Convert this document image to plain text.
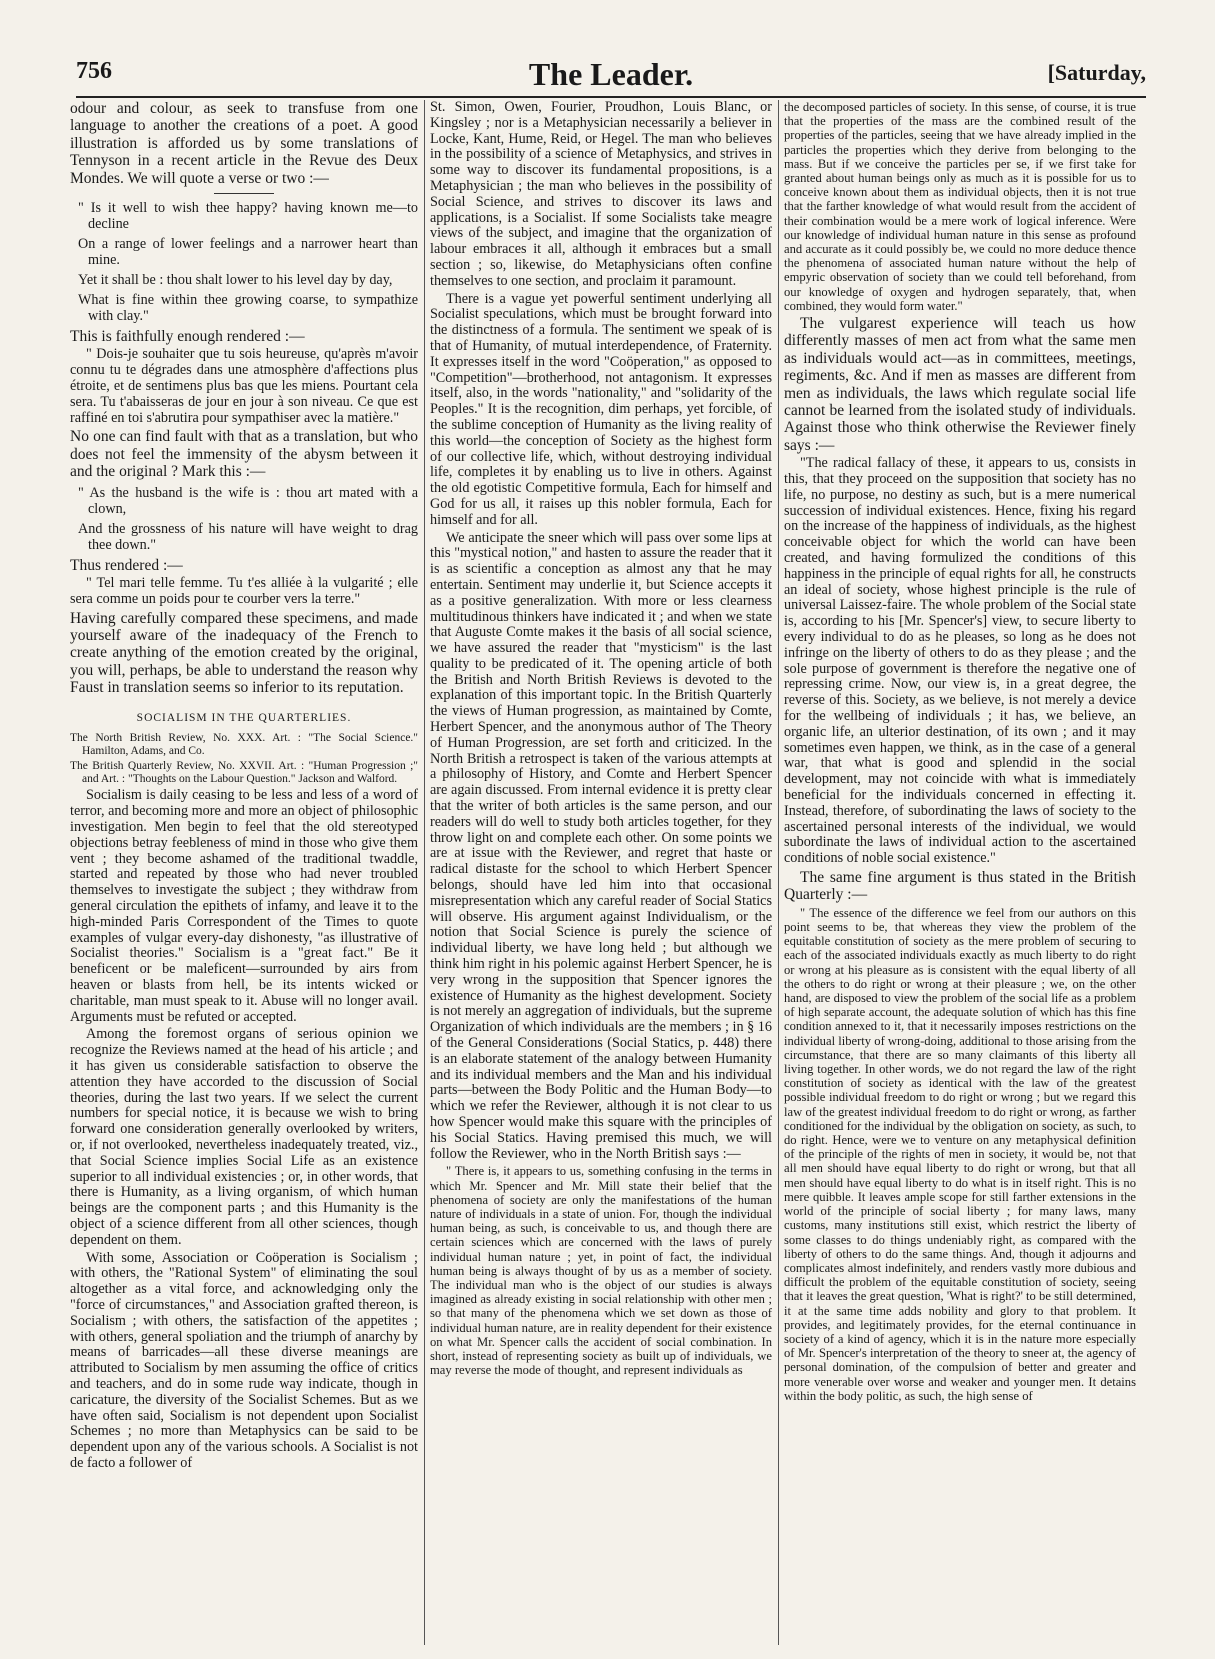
756	The Leader.	[Saturday,

odour and colour, as seek to transfuse from one language to another the creations of a poet. A good illustration is afforded us by some translations of Tennyson in a recent article in the Revue des Deux Mondes. We will quote a verse or two :—

" Is it well to wish thee happy? having known me—to decline

On a range of lower feelings and a narrower heart than mine.

Yet it shall be : thou shalt lower to his level day by day,

What is fine within thee growing coarse, to sympathize with clay."

This is faithfully enough rendered :—

" Dois-je souhaiter que tu sois heureuse, qu'après m'avoir connu tu te dégrades dans une atmosphère d'affections plus étroite, et de sentimens plus bas que les miens. Pourtant cela sera. Tu t'abaisseras de jour en jour à son niveau. Ce que est raffiné en toi s'abrutira pour sympathiser avec la matière."

No one can find fault with that as a translation, but who does not feel the immensity of the abysm between it and the original ? Mark this :—

" As the husband is the wife is : thou art mated with a clown,

And the grossness of his nature will have weight to drag thee down."

Thus rendered :—

" Tel mari telle femme. Tu t'es alliée à la vulgarité ; elle sera comme un poids pour te courber vers la terre."

Having carefully compared these specimens, and made yourself aware of the inadequacy of the French to create anything of the emotion created by the original, you will, perhaps, be able to understand the reason why Faust in translation seems so inferior to its reputation.

SOCIALISM IN THE QUARTERLIES.

The North British Review, No. XXX. Art. : "The Social Science." Hamilton, Adams, and Co.

The British Quarterly Review, No. XXVII. Art. : "Human Progression ;" and Art. : "Thoughts on the Labour Question." Jackson and Walford.

Socialism is daily ceasing to be less and less of a word of terror, and becoming more and more an object of philosophic investigation. Men begin to feel that the old stereotyped objections betray feebleness of mind in those who give them vent ; they become ashamed of the traditional twaddle, started and repeated by those who had never troubled themselves to investigate the subject ; they withdraw from general circulation the epithets of infamy, and leave it to the high-minded Paris Correspondent of the Times to quote examples of vulgar every-day dishonesty, "as illustrative of Socialist theories." Socialism is a "great fact." Be it beneficent or be maleficent—surrounded by airs from heaven or blasts from hell, be its intents wicked or charitable, man must speak to it. Abuse will no longer avail. Arguments must be refuted or accepted.

Among the foremost organs of serious opinion we recognize the Reviews named at the head of his article ; and it has given us considerable satisfaction to observe the attention they have accorded to the discussion of Social theories, during the last two years. If we select the current numbers for special notice, it is because we wish to bring forward one consideration generally overlooked by writers, or, if not overlooked, nevertheless inadequately treated, viz., that Social Science implies Social Life as an existence superior to all individual existencies ; or, in other words, that there is Humanity, as a living organism, of which human beings are the component parts ; and this Humanity is the object of a science different from all other sciences, though dependent on them.

With some, Association or Coöperation is Socialism ; with others, the "Rational System" of eliminating the soul altogether as a vital force, and acknowledging only the "force of circumstances," and Association grafted thereon, is Socialism ; with others, the satisfaction of the appetites ; with others, general spoliation and the triumph of anarchy by means of barricades—all these diverse meanings are attributed to Socialism by men assuming the office of critics and teachers, and do in some rude way indicate, though in caricature, the diversity of the Socialist Schemes. But as we have often said, Socialism is not dependent upon Socialist Schemes ; no more than Metaphysics can be said to be dependent upon any of the various schools. A Socialist is not de facto a follower of

St. Simon, Owen, Fourier, Proudhon, Louis Blanc, or Kingsley ; nor is a Metaphysician necessarily a believer in Locke, Kant, Hume, Reid, or Hegel. The man who believes in the possibility of a science of Metaphysics, and strives in some way to discover its fundamental propositions, is a Metaphysician ; the man who believes in the possibility of Social Science, and strives to discover its laws and applications, is a Socialist. If some Socialists take meagre views of the subject, and imagine that the organization of labour embraces it all, although it embraces but a small section ; so, likewise, do Metaphysicians often confine themselves to one section, and proclaim it paramount.

There is a vague yet powerful sentiment underlying all Socialist speculations, which must be brought forward into the distinctness of a formula. The sentiment we speak of is that of Humanity, of mutual interdependence, of Fraternity. It expresses itself in the word "Coöperation," as opposed to "Competition"—brotherhood, not antagonism. It expresses itself, also, in the words "nationality," and "solidarity of the Peoples." It is the recognition, dim perhaps, yet forcible, of the sublime conception of Humanity as the living reality of this world—the conception of Society as the highest form of our collective life, which, without destroying individual life, completes it by enabling us to live in others. Against the old egotistic Competitive formula, Each for himself and God for us all, it raises up this nobler formula, Each for himself and for all.

We anticipate the sneer which will pass over some lips at this "mystical notion," and hasten to assure the reader that it is as scientific a conception as almost any that he may entertain. Sentiment may underlie it, but Science accepts it as a positive generalization. With more or less clearness multitudinous thinkers have indicated it ; and when we state that Auguste Comte makes it the basis of all social science, we have assured the reader that "mysticism" is the last quality to be predicated of it. The opening article of both the British and North British Reviews is devoted to the explanation of this important topic. In the British Quarterly the views of Human progression, as maintained by Comte, Herbert Spencer, and the anonymous author of The Theory of Human Progression, are set forth and criticized. In the North British a retrospect is taken of the various attempts at a philosophy of History, and Comte and Herbert Spencer are again discussed. From internal evidence it is pretty clear that the writer of both articles is the same person, and our readers will do well to study both articles together, for they throw light on and complete each other. On some points we are at issue with the Reviewer, and regret that haste or radical distaste for the school to which Herbert Spencer belongs, should have led him into that occasional misrepresentation which any careful reader of Social Statics will observe. His argument against Individualism, or the notion that Social Science is purely the science of individual liberty, we have long held ; but although we think him right in his polemic against Herbert Spencer, he is very wrong in the supposition that Spencer ignores the existence of Humanity as the highest development. Society is not merely an aggregation of individuals, but the supreme Organization of which individuals are the members ; in § 16 of the General Considerations (Social Statics, p. 448) there is an elaborate statement of the analogy between Humanity and its individual members and the Man and his individual parts—between the Body Politic and the Human Body—to which we refer the Reviewer, although it is not clear to us how Spencer would make this square with the principles of his Social Statics. Having premised this much, we will follow the Reviewer, who in the North British says :—

" There is, it appears to us, something confusing in the terms in which Mr. Spencer and Mr. Mill state their belief that the phenomena of society are only the manifestations of the human nature of individuals in a state of union. For, though the individual human being, as such, is conceivable to us, and though there are certain sciences which are concerned with the laws of purely individual human nature ; yet, in point of fact, the individual human being is always thought of by us as a member of society. The individual man who is the object of our studies is always imagined as already existing in social relationship with other men ; so that many of the phenomena which we set down as those of individual human nature, are in reality dependent for their existence on what Mr. Spencer calls the accident of social combination. In short, instead of representing society as built up of individuals, we may reverse the mode of thought, and represent individuals as

the decomposed particles of society. In this sense, of course, it is true that the properties of the mass are the combined result of the properties of the particles, seeing that we have already implied in the particles the properties which they derive from belonging to the mass. But if we conceive the particles per se, if we first take for granted about human beings only as much as it is possible for us to conceive known about them as individual objects, then it is not true that the farther knowledge of what would result from the accident of their combination would be a mere work of logical inference. Were our knowledge of individual human nature in this sense as profound and accurate as it could possibly be, we could no more deduce thence the phenomena of associated human nature without the help of empyric observation of society than we could tell beforehand, from our knowledge of oxygen and hydrogen separately, that, when combined, they would form water."

The vulgarest experience will teach us how differently masses of men act from what the same men as individuals would act—as in committees, meetings, regiments, &c. And if men as masses are different from men as individuals, the laws which regulate social life cannot be learned from the isolated study of individuals. Against those who think otherwise the Reviewer finely says :—

"The radical fallacy of these, it appears to us, consists in this, that they proceed on the supposition that society has no life, no purpose, no destiny as such, but is a mere numerical succession of individual existences. Hence, fixing his regard on the increase of the happiness of individuals, as the highest conceivable object for which the world can have been created, and having formulized the conditions of this happiness in the principle of equal rights for all, he constructs an ideal of society, whose highest principle is the rule of universal Laissez-faire. The whole problem of the Social state is, according to his [Mr. Spencer's] view, to secure liberty to every individual to do as he pleases, so long as he does not infringe on the liberty of others to do as they please ; and the sole purpose of government is therefore the negative one of repressing crime. Now, our view is, in a great degree, the reverse of this. Society, as we believe, is not merely a device for the wellbeing of individuals ; it has, we believe, an organic life, an ulterior destination, of its own ; and it may sometimes even happen, we think, as in the case of a general war, that what is good and splendid in the social development, may not coincide with what is immediately beneficial for the individuals concerned in effecting it. Instead, therefore, of subordinating the laws of society to the ascertained personal interests of the individual, we would subordinate the laws of individual action to the ascertained conditions of noble social existence."

The same fine argument is thus stated in the British Quarterly :—

" The essence of the difference we feel from our authors on this point seems to be, that whereas they view the problem of the equitable constitution of society as the mere problem of securing to each of the associated individuals exactly as much liberty to do right or wrong at his pleasure as is consistent with the equal liberty of all the others to do right or wrong at their pleasure ; we, on the other hand, are disposed to view the problem of the social life as a problem of high separate account, the adequate solution of which has this fine condition annexed to it, that it necessarily imposes restrictions on the individual liberty of wrong-doing, additional to those arising from the circumstance, that there are so many claimants of this liberty all living together. In other words, we do not regard the law of the right constitution of society as identical with the law of the greatest possible individual freedom to do right or wrong ; but we regard this law of the greatest individual freedom to do right or wrong, as farther conditioned for the individual by the obligation on society, as such, to do right. Hence, were we to venture on any metaphysical definition of the principle of the rights of men in society, it would be, not that all men should have equal liberty to do right or wrong, but that all men should have equal liberty to do what is in itself right. This is no mere quibble. It leaves ample scope for still farther extensions in the world of the principle of social liberty ; for many laws, many customs, many institutions still exist, which restrict the liberty of some classes to do things undeniably right, as compared with the liberty of others to do the same things. And, though it adjourns and complicates almost indefinitely, and renders vastly more dubious and difficult the problem of the equitable constitution of society, seeing that it leaves the great question, 'What is right?' to be still determined, it at the same time adds nobility and glory to that problem. It provides, and legitimately provides, for the eternal continuance in society of a kind of agency, which it is in the nature more especially of Mr. Spencer's interpretation of the theory to sneer at, the agency of personal domination, of the compulsion of better and greater and more venerable over worse and weaker and younger men. It detains within the body politic, as such, the high sense of
